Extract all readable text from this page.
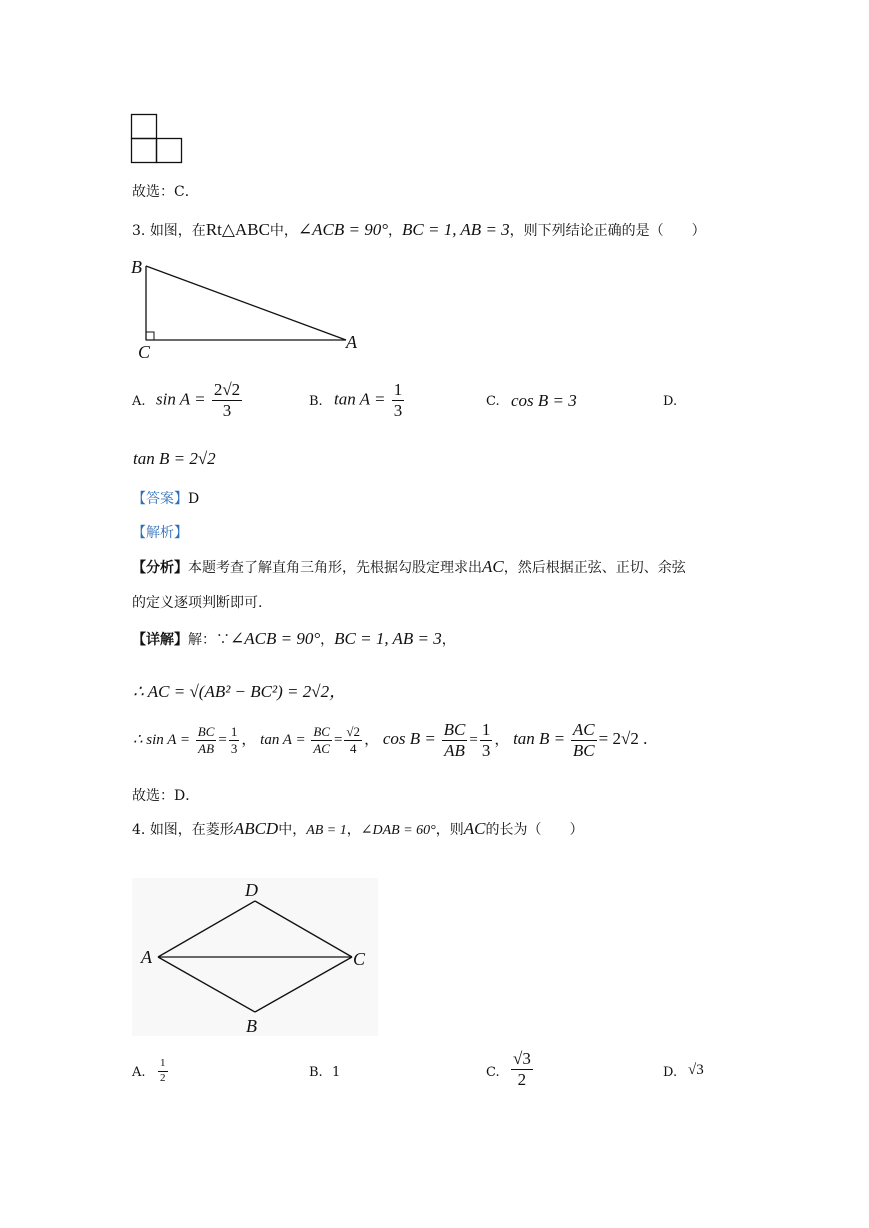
故选：C．
3. 如图，在Rt△ABC中，∠ACB = 90°，BC = 1, AB = 3，则下列结论正确的是（　　）
B
C	A
A. $\sin A = \frac{2√2}{3}$	B. $\tan A = \frac{1}{3}$	C. cos B = 3	D.
tan B = 2√2
【答案】D
【解析】
【分析】本题考查了解直角三角形，先根据勾股定理求出AC，然后根据正弦、正切、余弦
的定义逐项判断即可.
【详解】解：∵∠ACB = 90°，BC = 1, AB = 3，
∴ AC = √(AB² − BC²) = 2√2，
∴ $\sin A = \frac{BC}{AB} = \frac{1}{3}$ ， $\tan A = \frac{BC}{AC} = \frac{√2}{4}$ ， $\cos B = \frac{BC}{AB} = \frac{1}{3}$ ， $\tan B = \frac{AC}{BC} = 2√2$ .
故选：D．
4. 如图，在菱形ABCD中，AB = 1，∠DAB = 60°，则AC的长为（　　）
D
A	C
B
A. $\frac{1}{2}$	B. 1	C. $\frac{√3}{2}$	D. √3
